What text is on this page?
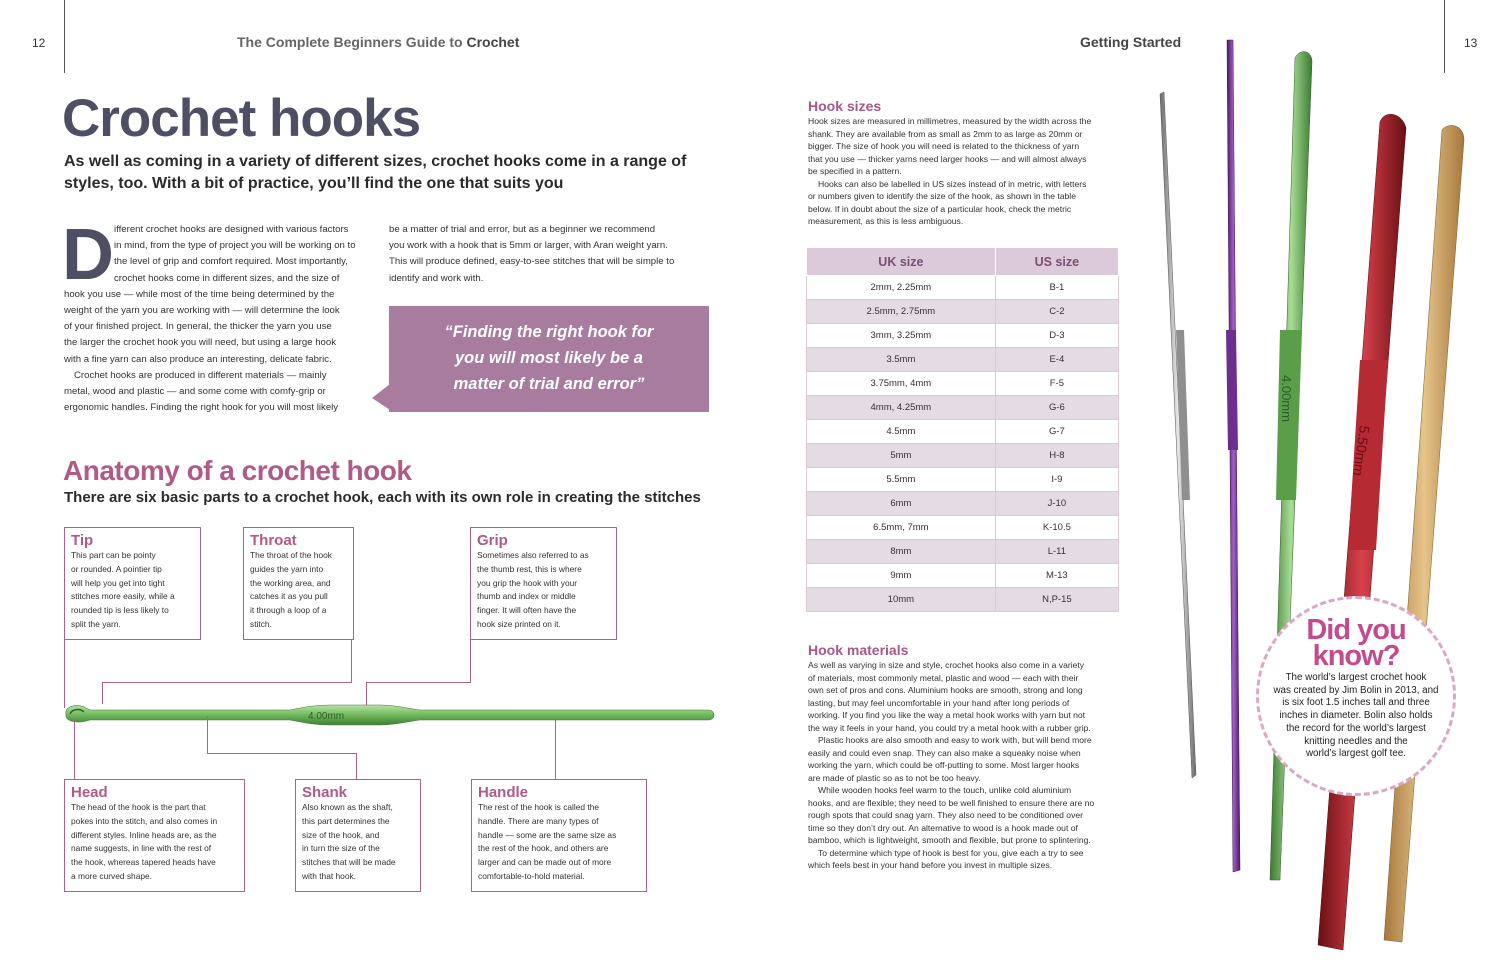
12	The Complete Beginners Guide to Crochet	Getting Started	13
Crochet hooks
As well as coming in a variety of different sizes, crochet hooks come in a range of styles, too. With a bit of practice, you’ll find the one that suits you
D ifferent crochet hooks are designed with various factors
in mind, from the type of project you will be working on to
the level of grip and comfort required. Most importantly,
crochet hooks come in different sizes, and the size of
hook you use — while most of the time being determined by the
weight of the yarn you are working with — will determine the look
of your finished project. In general, the thicker the yarn you use
the larger the crochet hook you will need, but using a large hook
with a fine yarn can also produce an interesting, delicate fabric.
Crochet hooks are produced in different materials — mainly
metal, wood and plastic — and some come with comfy-grip or
ergonomic handles. Finding the right hook for you will most likely
be a matter of trial and error, but as a beginner we recommend
you work with a hook that is 5mm or larger, with Aran weight yarn.
This will produce defined, easy-to-see stitches that will be simple to
identify and work with.
“Finding the right hook for
you will most likely be a
matter of trial and error”
Anatomy of a crochet hook
There are six basic parts to a crochet hook, each with its own role in creating the stitches
Tip

This part can be pointy

or rounded. A pointier tip

will help you get into tight

stitches more easily, while a

rounded tip is less likely to

split the yarn.

Throat

The throat of the hook

guides the yarn into

the working area, and

catches it as you pull

it through a loop of a

stitch.

Grip

Sometimes also referred to as

the thumb rest, this is where

you grip the hook with your

thumb and index or middle

finger. It will often have the

hook size printed on it.

4.00mm
Head

The head of the hook is the part that

pokes into the stitch, and also comes in

different styles. Inline heads are, as the

name suggests, in line with the rest of

the hook, whereas tapered heads have

a more curved shape.

Shank

Also known as the shaft,

this part determines the

size of the hook, and

in turn the size of the

stitches that will be made

with that hook.

Handle

The rest of the hook is called the

handle. There are many types of

handle — some are the same size as

the rest of the hook, and others are

larger and can be made out of more

comfortable-to-hold material.

Hook sizes
Hook sizes are measured in millimetres, measured by the width across the
shank. They are available from as small as 2mm to as large as 20mm or
bigger. The size of hook you will need is related to the thickness of yarn
that you use — thicker yarns need larger hooks — and will almost always
be specified in a pattern.
Hooks can also be labelled in US sizes instead of in metric, with letters
or numbers given to identify the size of the hook, as shown in the table
below. If in doubt about the size of a particular hook, check the metric
measurement, as this is less ambiguous.
UK size	US size
2mm, 2.25mm	B-1
2.5mm, 2.75mm	C-2
3mm, 3.25mm	D-3
3.5mm	E-4
3.75mm, 4mm	F-5
4mm, 4.25mm	G-6
4.5mm	G-7
5mm	H-8
5.5mm	I-9
6mm	J-10
6.5mm, 7mm	K-10.5
8mm	L-11
9mm	M-13
10mm	N,P-15
Hook materials
As well as varying in size and style, crochet hooks also come in a variety
of materials, most commonly metal, plastic and wood — each with their
own set of pros and cons. Aluminium hooks are smooth, strong and long
lasting, but may feel uncomfortable in your hand after long periods of
working. If you find you like the way a metal hook works with yarn but not
the way it feels in your hand, you could try a metal hook with a rubber grip.
Plastic hooks are also smooth and easy to work with, but will bend more
easily and could even snap. They can also make a squeaky noise when
working the yarn, which could be off-putting to some. Most larger hooks
are made of plastic so as to not be too heavy.
While wooden hooks feel warm to the touch, unlike cold aluminium
hooks, and are flexible; they need to be well finished to ensure there are no
rough spots that could snag yarn. They also need to be conditioned over
time so they don’t dry out. An alternative to wood is a hook made out of
bamboo, which is lightweight, smooth and flexible, but prone to splintering.
To determine which type of hook is best for you, give each a try to see
which feels best in your hand before you invest in multiple sizes.
4.00mm
5.50mm
Did you
know?
The world’s largest crochet hook
was created by Jim Bolin in 2013, and
is six foot 1.5 inches tall and three
inches in diameter. Bolin also holds
the record for the world’s largest
knitting needles and the
world’s largest golf tee.
